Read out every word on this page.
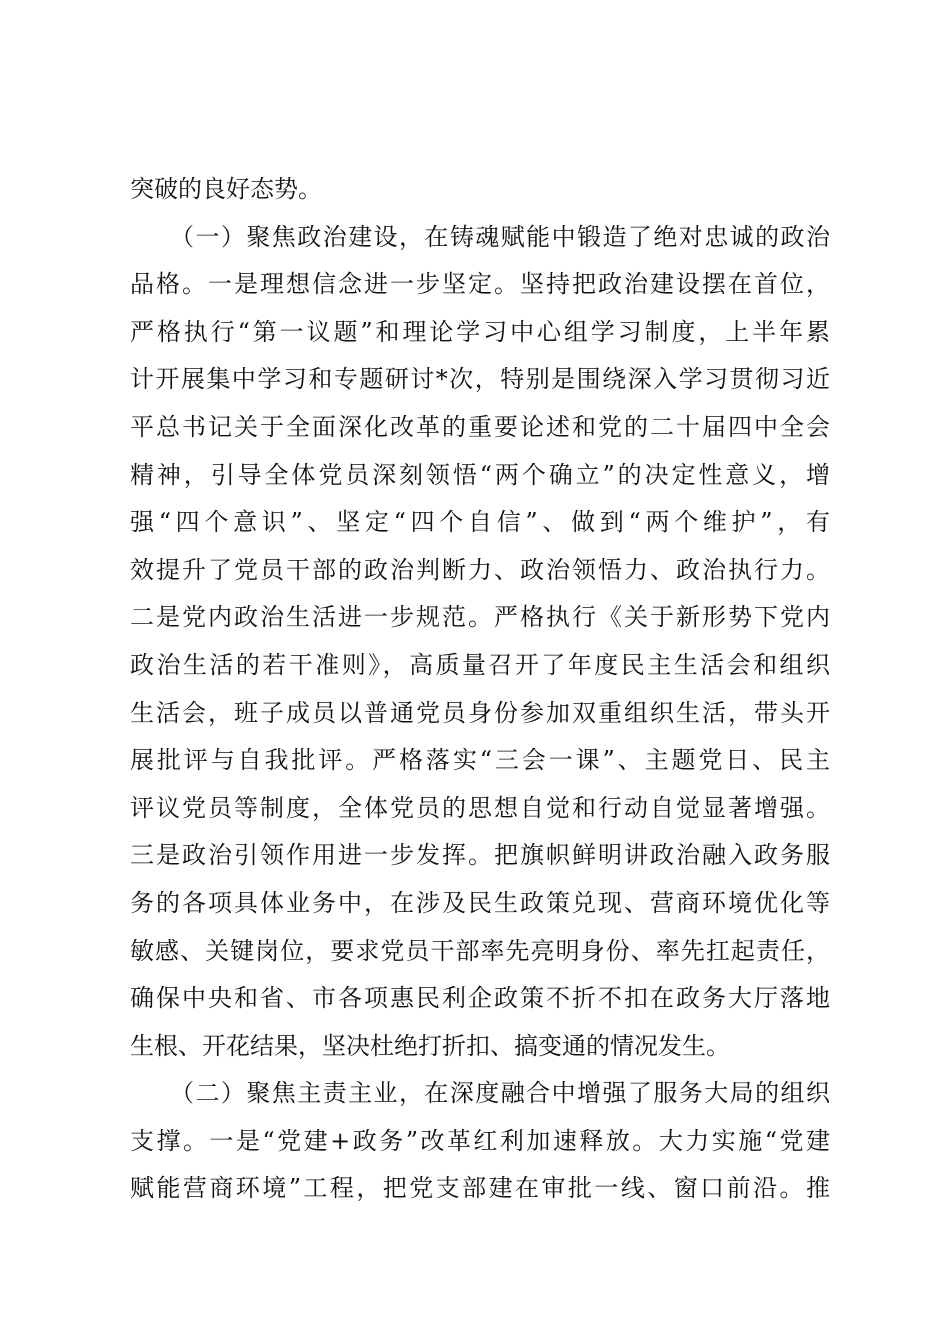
突破的良好态势。
（一）聚焦政治建设，在铸魂赋能中锻造了绝对忠诚的政治
品格。一是理想信念进一步坚定。坚持把政治建设摆在首位，
严格执行“第一议题”和理论学习中心组学习制度，上半年累
计开展集中学习和专题研讨*次，特别是围绕深入学习贯彻习近
平总书记关于全面深化改革的重要论述和党的二十届四中全会
精神，引导全体党员深刻领悟“两个确立”的决定性意义，增
强“四个意识”、坚定“四个自信”、做到“两个维护”，有
效提升了党员干部的政治判断力、政治领悟力、政治执行力。
二是党内政治生活进一步规范。严格执行《关于新形势下党内
政治生活的若干准则》，高质量召开了年度民主生活会和组织
生活会，班子成员以普通党员身份参加双重组织生活，带头开
展批评与自我批评。严格落实“三会一课”、主题党日、民主
评议党员等制度，全体党员的思想自觉和行动自觉显著增强。
三是政治引领作用进一步发挥。把旗帜鲜明讲政治融入政务服
务的各项具体业务中，在涉及民生政策兑现、营商环境优化等
敏感、关键岗位，要求党员干部率先亮明身份、率先扛起责任，
确保中央和省、市各项惠民利企政策不折不扣在政务大厅落地
生根、开花结果，坚决杜绝打折扣、搞变通的情况发生。
（二）聚焦主责主业，在深度融合中增强了服务大局的组织
支撑。一是“党建+政务”改革红利加速释放。大力实施“党建
赋能营商环境”工程，把党支部建在审批一线、窗口前沿。推
